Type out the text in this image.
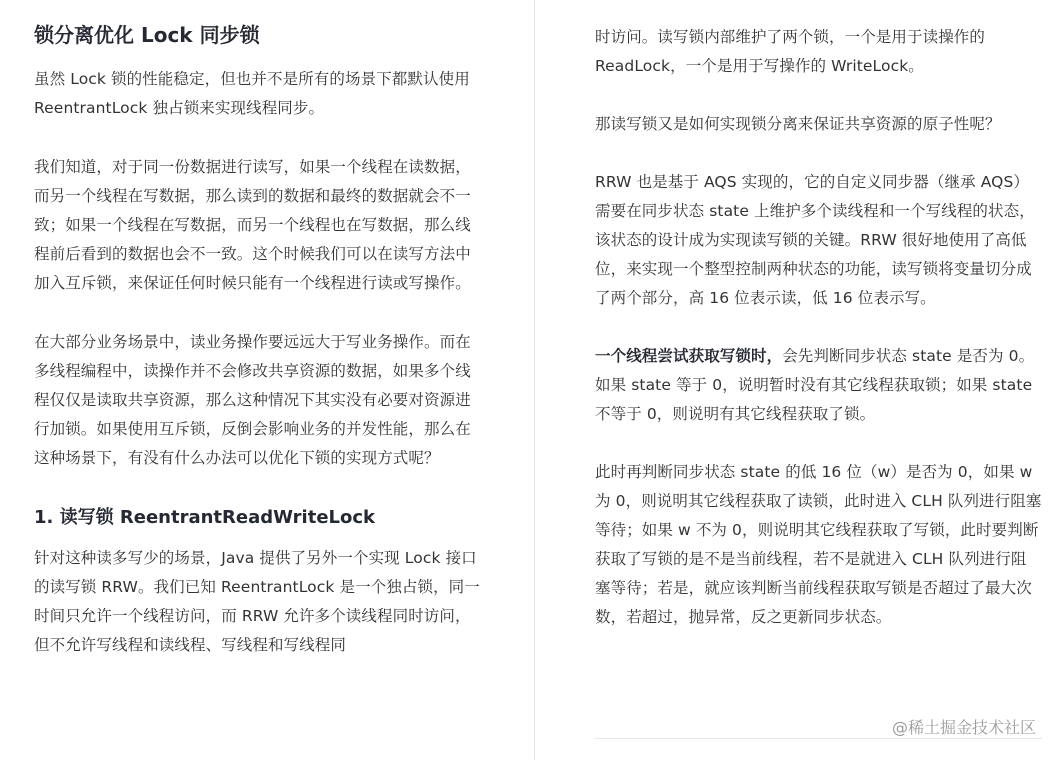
锁分离优化 Lock 同步锁

虽然 Lock 锁的性能稳定，但也并不是所有的场景下都默认使用 ReentrantLock 独占锁来实现线程同步。

我们知道，对于同一份数据进行读写，如果一个线程在读数据，而另一个线程在写数据，那么读到的数据和最终的数据就会不一致；如果一个线程在写数据，而另一个线程也在写数据，那么线程前后看到的数据也会不一致。这个时候我们可以在读写方法中加入互斥锁，来保证任何时候只能有一个线程进行读或写操作。

在大部分业务场景中，读业务操作要远远大于写业务操作。而在多线程编程中，读操作并不会修改共享资源的数据，如果多个线程仅仅是读取共享资源，那么这种情况下其实没有必要对资源进行加锁。如果使用互斥锁，反倒会影响业务的并发性能，那么在这种场景下，有没有什么办法可以优化下锁的实现方式呢？

1. 读写锁 ReentrantReadWriteLock

针对这种读多写少的场景，Java 提供了另外一个实现 Lock 接口的读写锁 RRW。我们已知 ReentrantLock 是一个独占锁，同一时间只允许一个线程访问，而 RRW 允许多个读线程同时访问，但不允许写线程和读线程、写线程和写线程同

时访问。读写锁内部维护了两个锁，一个是用于读操作的 ReadLock，一个是用于写操作的 WriteLock。

那读写锁又是如何实现锁分离来保证共享资源的原子性呢？

RRW 也是基于 AQS 实现的，它的自定义同步器（继承 AQS）需要在同步状态 state 上维护多个读线程和一个写线程的状态，该状态的设计成为实现读写锁的关键。RRW 很好地使用了高低位，来实现一个整型控制两种状态的功能，读写锁将变量切分成了两个部分，高 16 位表示读，低 16 位表示写。

一个线程尝试获取写锁时，会先判断同步状态 state 是否为 0。如果 state 等于 0，说明暂时没有其它线程获取锁；如果 state 不等于 0，则说明有其它线程获取了锁。

此时再判断同步状态 state 的低 16 位（w）是否为 0，如果 w 为 0，则说明其它线程获取了读锁，此时进入 CLH 队列进行阻塞等待；如果 w 不为 0，则说明其它线程获取了写锁，此时要判断获取了写锁的是不是当前线程，若不是就进入 CLH 队列进行阻塞等待；若是，就应该判断当前线程获取写锁是否超过了最大次数，若超过，抛异常，反之更新同步状态。

@稀土掘金技术社区
